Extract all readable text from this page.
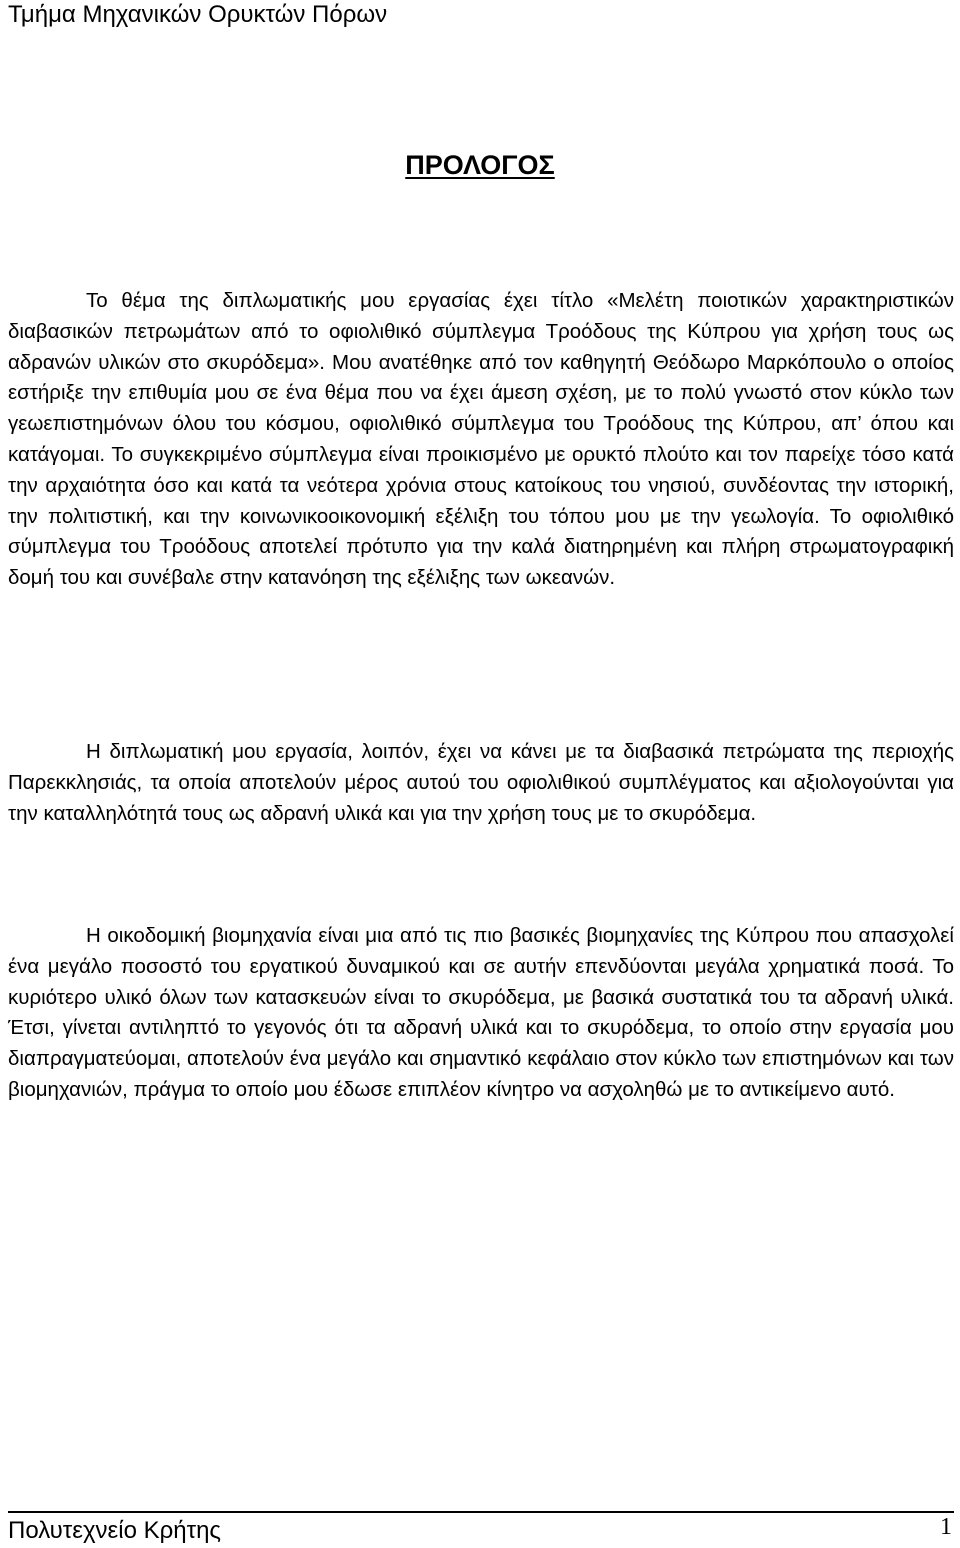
Τμήμα Μηχανικών Ορυκτών Πόρων
ΠΡΟΛΟΓΟΣ

Το θέμα της διπλωματικής μου εργασίας έχει τίτλο «Μελέτη ποιοτικών χαρακτηριστικών διαβασικών πετρωμάτων από το οφιολιθικό σύμπλεγμα Τροόδους της Κύπρου για χρήση τους ως αδρανών υλικών στο σκυρόδεμα». Μου ανατέθηκε από τον καθηγητή Θεόδωρο Μαρκόπουλο ο οποίος εστήριξε την επιθυμία μου σε ένα θέμα που να έχει άμεση σχέση, με το πολύ γνωστό στον κύκλο των γεωεπιστημόνων όλου του κόσμου, οφιολιθικό σύμπλεγμα του Τροόδους της Κύπρου, απ’ όπου και κατάγομαι. Το συγκεκριμένο σύμπλεγμα είναι προικισμένο με ορυκτό πλούτο και τον παρείχε τόσο κατά την αρχαιότητα όσο και κατά τα νεότερα χρόνια στους κατοίκους του νησιού, συνδέοντας την ιστορική, την πολιτιστική, και την κοινωνικοοικονομική εξέλιξη του τόπου μου με την γεωλογία. Το οφιολιθικό σύμπλεγμα του Τροόδους αποτελεί πρότυπο για την καλά διατηρημένη και πλήρη στρωματογραφική δομή του και συνέβαλε στην κατανόηση της εξέλιξης των ωκεανών.

Η διπλωματική μου εργασία, λοιπόν, έχει να κάνει με τα διαβασικά πετρώματα της περιοχής Παρεκκλησιάς, τα οποία αποτελούν μέρος αυτού του οφιολιθικού συμπλέγματος και αξιολογούνται για την καταλληλότητά τους ως αδρανή υλικά και για την χρήση τους με το σκυρόδεμα.

Η οικοδομική βιομηχανία είναι μια από τις πιο βασικές βιομηχανίες της Κύπρου που απασχολεί ένα μεγάλο ποσοστό του εργατικού δυναμικού και σε αυτήν επενδύονται μεγάλα χρηματικά ποσά. Το κυριότερο υλικό όλων των κατασκευών είναι το σκυρόδεμα, με βασικά συστατικά του τα αδρανή υλικά. Έτσι, γίνεται αντιληπτό το γεγονός ότι τα αδρανή υλικά και το σκυρόδεμα, το οποίο στην εργασία μου διαπραγματεύομαι, αποτελούν ένα μεγάλο και σημαντικό κεφάλαιο στον κύκλο των επιστημόνων και των βιομηχανιών, πράγμα το οποίο μου έδωσε επιπλέον κίνητρο να ασχοληθώ με το αντικείμενο αυτό.

Πολυτεχνείο Κρήτης	1
